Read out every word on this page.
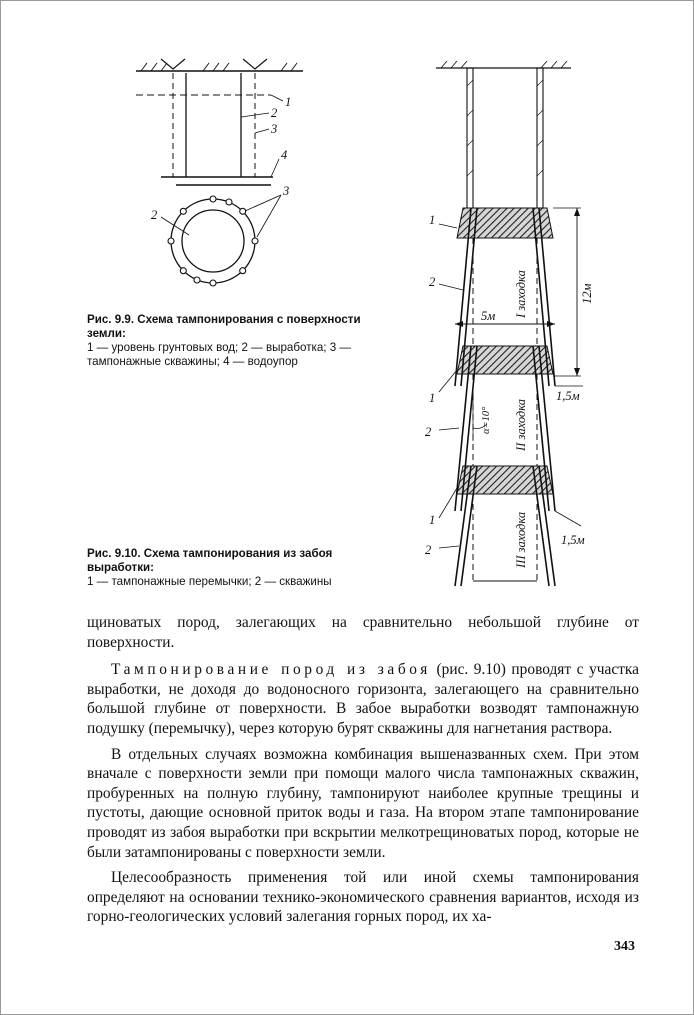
1
2
3
4
2
3
Рис. 9.9. Схема тампонирования с поверхности земли:
1 — уровень грунтовых вод; 2 — выработка; 3 — тампонажные скважины; 4 — водоупор
1
2
1
2
1
2
5м
1,5м
1,5м
12м
α=10°
I заходка
II заходка
III заходка
Рис. 9.10. Схема тампонирования из забоя выработки:
1 — тампонажные перемычки; 2 — скважины

щиноватых пород, залегающих на сравнительно небольшой глубине от поверхности.

Тампонирование пород из забоя (рис. 9.10) проводят с участка выработки, не доходя до водоносного горизонта, залегающего на сравнительно большой глубине от поверхности. В забое выработки возводят тампонажную подушку (перемычку), через которую бурят скважины для нагнетания раствора.

В отдельных случаях возможна комбинация вышеназванных схем. При этом вначале с поверхности земли при помощи малого числа тампонажных скважин, пробуренных на полную глубину, тампонируют наиболее крупные трещины и пустоты, дающие основной приток воды и газа. На втором этапе тампонирование проводят из забоя выработки при вскрытии мелкотрещиноватых пород, которые не были затампонированы с поверхности земли.

Целесообразность применения той или иной схемы тампонирования определяют на основании технико-экономического сравнения вариантов, исходя из горно-геологических условий залегания горных пород, их ха-

343
